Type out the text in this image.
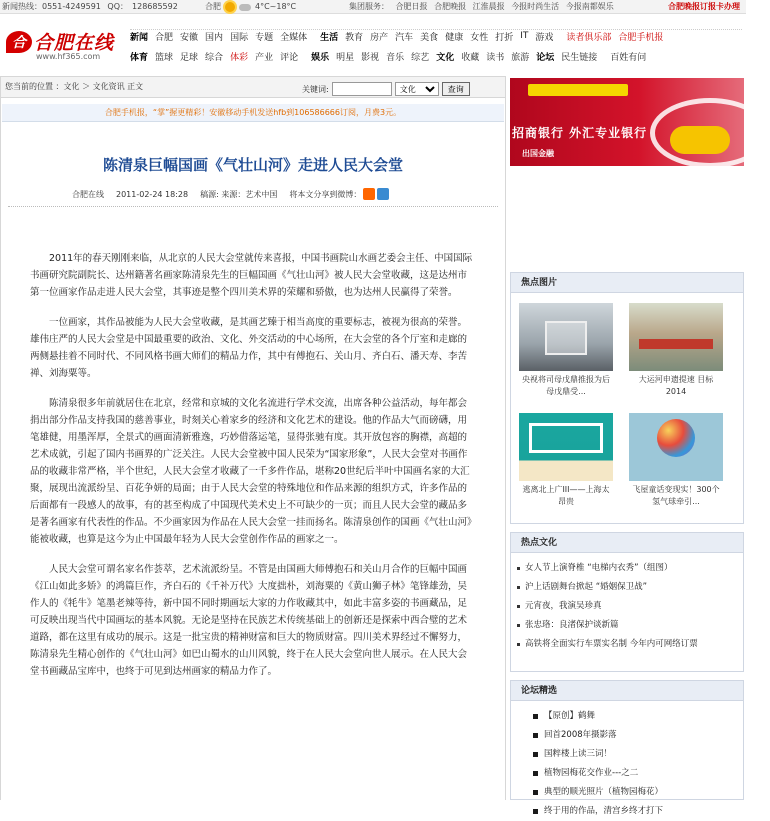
新闻热线：0551-4249591 QQ： 128685592	合肥	4°C~18°C	集团服务： 合肥日报 合肥晚报 江淮晨报 今报时尚生活 今报南都娱乐	合肥晚报订报卡办理
合 合肥在线
www.hf365.com
新闻 合肥 安徽 国内 国际 专题 全媒体 生活 教育 房产 汽车 美食 健康 女性 打折 IT 游戏 读者俱乐部 合肥手机报
体育 篮球 足球 综合 体彩 产业 评论 娱乐 明星 影视 音乐 综艺 文化 收藏 读书 旅游 论坛 民生链接 百姓有问
您当前的位置 ：文化 ＞ 文化资讯 正文	关键词:
文化	查询
合肥手机报，“掌”握更精彩！安徽移动手机发送hfb到106586666订阅，月费3元。
陈清泉巨幅国画《气壮山河》走进人民大会堂
合肥在线 2011-02-24 18:28 稿源: 来源：艺术中国 将本文分享到微博：

2011年的春天刚刚来临，从北京的人民大会堂就传来喜报，中国书画院山水画艺委会主任、中国国际书画研究院副院长、达州籍著名画家陈清泉先生的巨幅国画《气壮山河》被人民大会堂收藏，这是达州市第一位画家作品走进人民大会堂，其事迹是整个四川美术界的荣耀和骄傲，也为达州人民赢得了荣誉。

一位画家，其作品被能为人民大会堂收藏，是其画艺臻于相当高度的重要标志，被视为很高的荣誉。雄伟庄严的人民大会堂是中国最重要的政治、文化、外交活动的中心场所，在大会堂的各个厅室和走廊的两侧悬挂着不同时代、不同风格书画大师们的精品力作，其中有傅抱石、关山月、齐白石、潘天寿、李苦禅、刘海粟等。

陈清泉很多年前就居住在北京，经常和京城的文化名流进行学术交流，出席各种公益活动，每年都会捐出部分作品支持我国的慈善事业，时刻关心着家乡的经济和文化艺术的建设。他的作品大气而磅礴，用笔雄健，用墨浑厚，全景式的画面清新雅逸，巧妙借落运笔，显得张驰有度。其开放包容的胸襟，高超的艺术成就，引起了国内书画界的广泛关注。人民大会堂被中国人民荣为“国家形象”，人民大会堂对书画作品的收藏非常严格，半个世纪，人民大会堂才收藏了一千多件作品，堪称20世纪后半叶中国画名家的大汇聚，展现出流派纷呈、百花争妍的局面；由于人民大会堂的特殊地位和作品来源的组织方式，许多作品的后面都有一段感人的故事，有的甚至构成了中国现代美术史上不可缺少的一页；而且人民大会堂的藏品多是著名画家有代表性的作品。不少画家因为作品在人民大会堂一挂而扬名。陈清泉创作的国画《气壮山河》能被收藏，也算是这今为止中国最年轻为人民大会堂创作作品的画家之一。

人民大会堂可谓名家名作荟萃，艺术流派纷呈。不管是由国画大师傅抱石和关山月合作的巨幅中国画《江山如此多娇》的鸿篇巨作，齐白石的《千补万代》大度拙朴，刘海粟的《黄山狮子林》笔锋雄劲，吴作人的《牦牛》笔墨老辣等待，新中国不同时期画坛大家的力作收藏其中，如此丰富多姿的书画藏品，足可反映出现当代中国画坛的基本风貌。无论是坚持在民族艺术传统基础上的创新还是探索中西合璧的艺术道路，都在这里有成功的展示。这是一批宝贵的精神财富和巨大的物质财富。四川美术界经过不懈努力，陈清泉先生精心创作的《气壮山河》如巴山蜀水的山川风貌，终于在人民大会堂向世人展示。在人民大会堂书画藏品宝库中，也终于可见到达州画家的精品力作了。

招商银行 外汇专业银行
出国金融
焦点图片
央视将司母戊鼎推报为后母戊鼎受...
大运河申遗提速 目标2014
逃离北上广III——上海太昂贵
飞屋童话变现实！300个氢气球牵引...
热点文化
女人节上演脊椎 “电梯内衣秀”（组图）
沪上话剧舞台掀起 “婚姻保卫战”
元宵夜，我演吴珍真
张忠珞：良渚保护谈新篇
高铁将全面实行车票实名制 今年内可网络订票
论坛精选
【原创】鹤舞
回首2008年摄影落
国粹楼上读三词！
植物园梅花交作业---之二
典型的顺光照片（植物园梅花）
终于用的作品，清宫乡终才打下
